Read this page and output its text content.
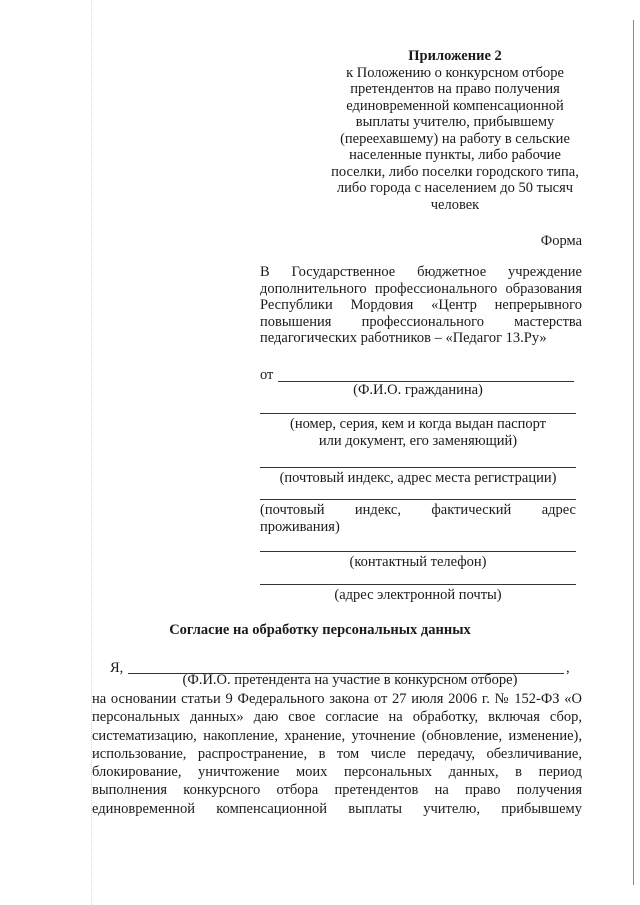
Приложение 2
к Положению о конкурсном отборе претендентов на право получения единовременной компенсационной выплаты учителю, прибывшему (переехавшему) на работу в сельские населенные пункты, либо рабочие поселки, либо поселки городского типа, либо города с населением до 50 тысяч человек
Форма
В Государственное бюджетное учреждение дополнительного профессионального образования Республики Мордовия «Центр непрерывного повышения профессионального мастерства педагогических работников – «Педагог 13.Ру»
от
(Ф.И.О. гражданина)
(номер, серия, кем и когда выдан паспорт или документ, его заменяющий)
(почтовый индекс, адрес места регистрации)
(почтовый индекс, фактический адрес проживания)
(контактный телефон)
(адрес электронной почты)
Согласие на обработку персональных данных
Я,	,
(Ф.И.О. претендента на участие в конкурсном отборе)

на основании статьи 9 Федерального закона от 27 июля 2006 г. № 152-ФЗ «О персональных данных» даю свое согласие на обработку, включая сбор, систематизацию, накопление, хранение, уточнение (обновление, изменение), использование, распространение, в том числе передачу, обезличивание, блокирование, уничтожение моих персональных данных, в период выполнения конкурсного отбора претендентов на право получения единовременной компенсационной выплаты учителю, прибывшему
